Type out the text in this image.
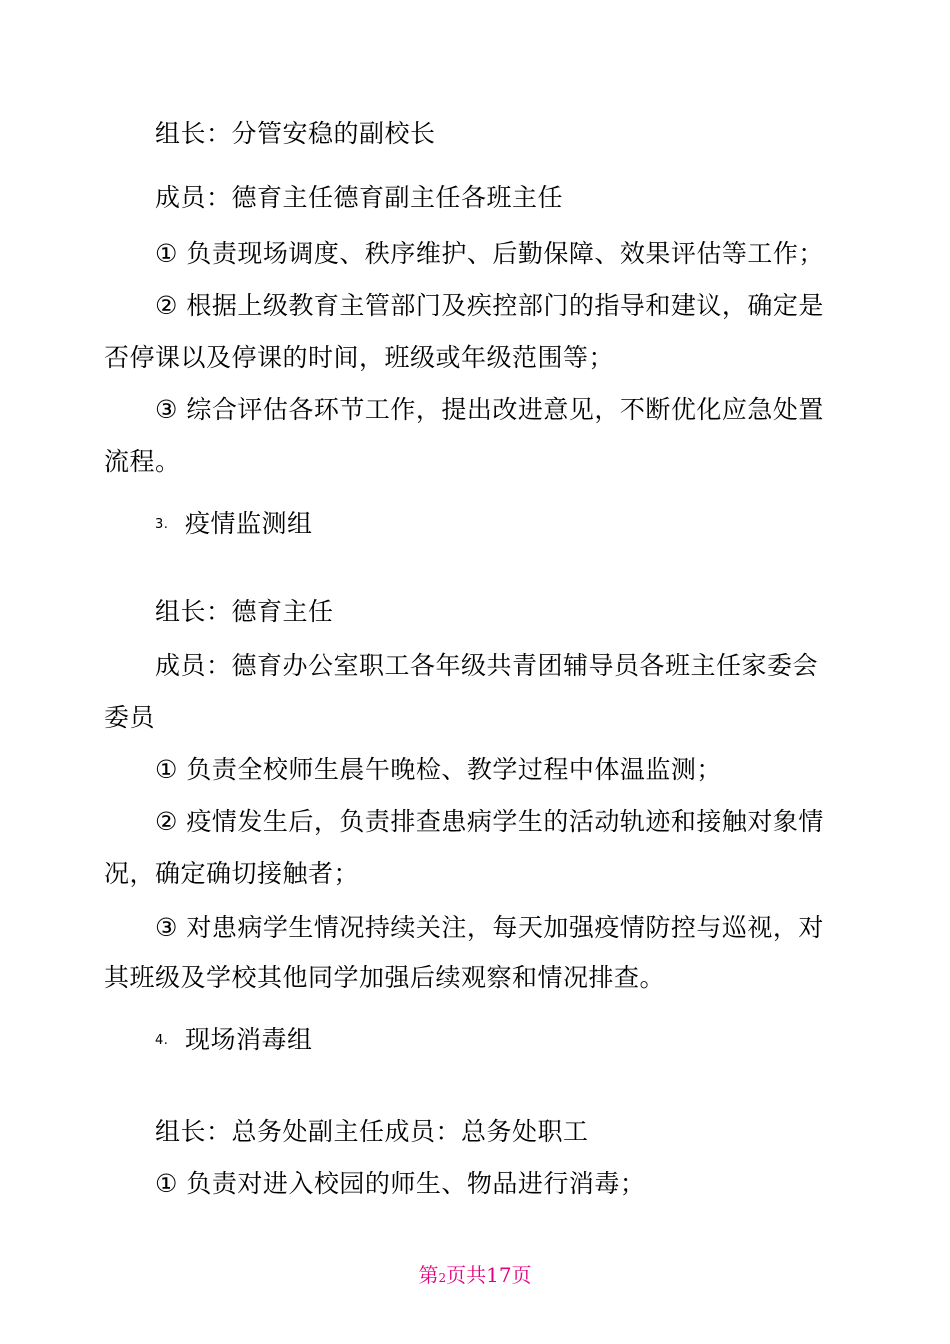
组长：分管安稳的副校长
成员：德育主任德育副主任各班主任
① 负责现场调度、秩序维护、后勤保障、效果评估等工作；
② 根据上级教育主管部门及疾控部门的指导和建议，确定是
否停课以及停课的时间，班级或年级范围等；
③ 综合评估各环节工作，提出改进意见，不断优化应急处置
流程。
3. 疫情监测组
组长：德育主任
成员：德育办公室职工各年级共青团辅导员各班主任家委会
委员
① 负责全校师生晨午晚检、教学过程中体温监测；
② 疫情发生后，负责排查患病学生的活动轨迹和接触对象情
况，确定确切接触者；
③ 对患病学生情况持续关注，每天加强疫情防控与巡视，对
其班级及学校其他同学加强后续观察和情况排查。
4. 现场消毒组
组长：总务处副主任成员：总务处职工
① 负责对进入校园的师生、物品进行消毒；
第2页共17页
